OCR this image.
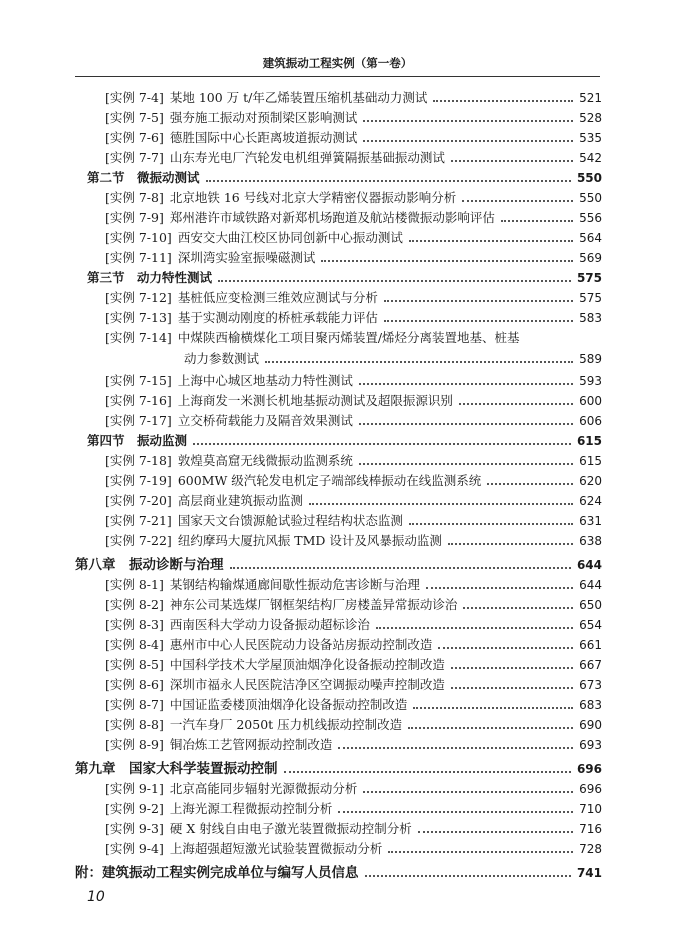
建筑振动工程实例（第一卷）
[实例 7-4] 某地 100 万 t/年乙烯装置压缩机基础动力测试	521
[实例 7-5] 强夯施工振动对预制梁区影响测试	528
[实例 7-6] 德胜国际中心长距离坡道振动测试	535
[实例 7-7] 山东寿光电厂汽轮发电机组弹簧隔振基础振动测试	542
第二节　微振动测试	550
[实例 7-8] 北京地铁 16 号线对北京大学精密仪器振动影响分析	550
[实例 7-9] 郑州港许市域铁路对新郑机场跑道及航站楼微振动影响评估	556
[实例 7-10] 西安交大曲江校区协同创新中心振动测试	564
[实例 7-11] 深圳湾实验室振噪磁测试	569
第三节　动力特性测试	575
[实例 7-12] 基桩低应变检测三维效应测试与分析	575
[实例 7-13] 基于实测动刚度的桥桩承载能力评估	583
[实例 7-14] 中煤陕西榆横煤化工项目聚丙烯装置/烯烃分离装置地基、桩基
动力参数测试	589
[实例 7-15] 上海中心城区地基动力特性测试	593
[实例 7-16] 上海商发一米测长机地基振动测试及超限振源识别	600
[实例 7-17] 立交桥荷载能力及隔音效果测试	606
第四节　振动监测	615
[实例 7-18] 敦煌莫高窟无线微振动监测系统	615
[实例 7-19] 600MW 级汽轮发电机定子端部线棒振动在线监测系统	620
[实例 7-20] 高层商业建筑振动监测	624
[实例 7-21] 国家天文台馈源舱试验过程结构状态监测	631
[实例 7-22] 纽约摩玛大厦抗风振 TMD 设计及风暴振动监测	638
第八章　振动诊断与治理	644
[实例 8-1] 某钢结构输煤通廊间歇性振动危害诊断与治理	644
[实例 8-2] 神东公司某选煤厂钢框架结构厂房楼盖异常振动诊治	650
[实例 8-3] 西南医科大学动力设备振动超标诊治	654
[实例 8-4] 惠州市中心人民医院动力设备站房振动控制改造	661
[实例 8-5] 中国科学技术大学屋顶油烟净化设备振动控制改造	667
[实例 8-6] 深圳市福永人民医院洁净区空调振动噪声控制改造	673
[实例 8-7] 中国证监委楼顶油烟净化设备振动控制改造	683
[实例 8-8] 一汽车身厂 2050t 压力机线振动控制改造	690
[实例 8-9] 铜冶炼工艺管网振动控制改造	693
第九章　国家大科学装置振动控制	696
[实例 9-1] 北京高能同步辐射光源微振动分析	696
[实例 9-2] 上海光源工程微振动控制分析	710
[实例 9-3] 硬 X 射线自由电子激光装置微振动控制分析	716
[实例 9-4] 上海超强超短激光试验装置微振动分析	728
附：建筑振动工程实例完成单位与编写人员信息	741
10
